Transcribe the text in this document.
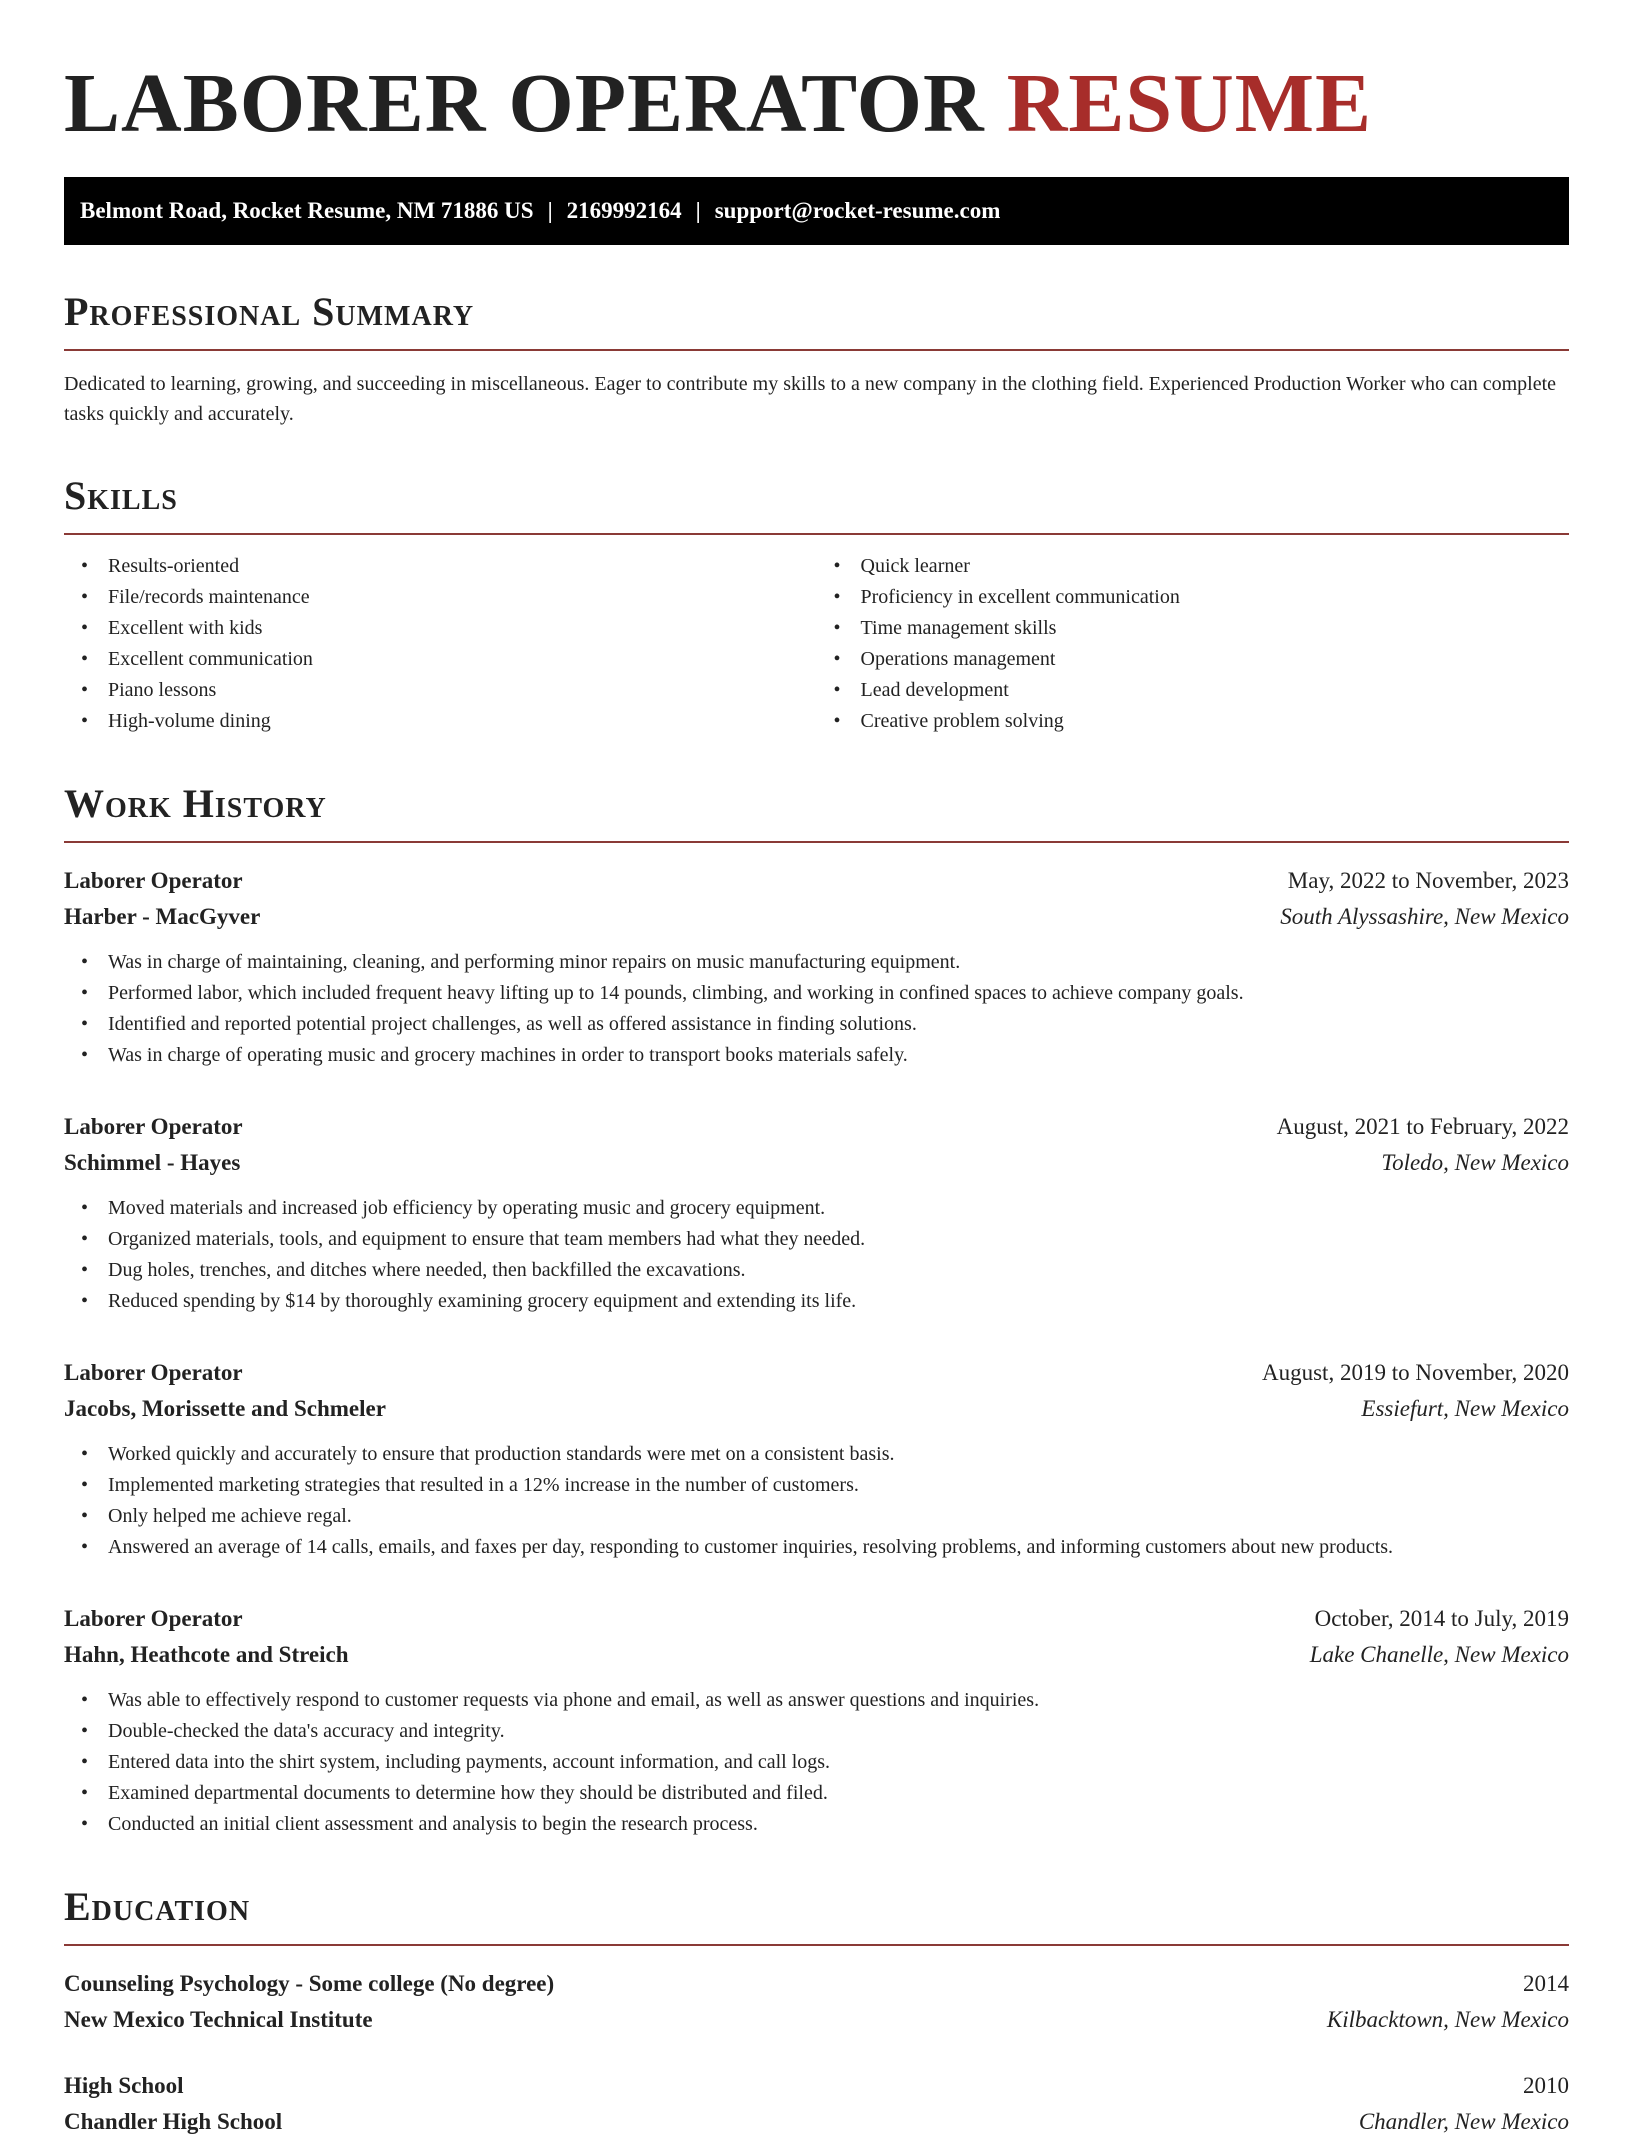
LABORER OPERATOR RESUME
Belmont Road, Rocket Resume, NM 71886 US | 2169992164 | support@rocket-resume.com
Professional Summary

Dedicated to learning, growing, and succeeding in miscellaneous. Eager to contribute my skills to a new company in the clothing field. Experienced Production Worker who can complete tasks quickly and accurately.

Skills
• Results-oriented
• File/records maintenance
• Excellent with kids
• Excellent communication
• Piano lessons
• High-volume dining
• Quick learner
• Proficiency in excellent communication
• Time management skills
• Operations management
• Lead development
• Creative problem solving
Work History
Laborer Operator	May, 2022 to November, 2023
Harber - MacGyver	South Alyssashire, New Mexico
• Was in charge of maintaining, cleaning, and performing minor repairs on music manufacturing equipment.
• Performed labor, which included frequent heavy lifting up to 14 pounds, climbing, and working in confined spaces to achieve company goals.
• Identified and reported potential project challenges, as well as offered assistance in finding solutions.
• Was in charge of operating music and grocery machines in order to transport books materials safely.
Laborer Operator	August, 2021 to February, 2022
Schimmel - Hayes	Toledo, New Mexico
• Moved materials and increased job efficiency by operating music and grocery equipment.
• Organized materials, tools, and equipment to ensure that team members had what they needed.
• Dug holes, trenches, and ditches where needed, then backfilled the excavations.
• Reduced spending by $14 by thoroughly examining grocery equipment and extending its life.
Laborer Operator	August, 2019 to November, 2020
Jacobs, Morissette and Schmeler	Essiefurt, New Mexico
• Worked quickly and accurately to ensure that production standards were met on a consistent basis.
• Implemented marketing strategies that resulted in a 12% increase in the number of customers.
• Only helped me achieve regal.
• Answered an average of 14 calls, emails, and faxes per day, responding to customer inquiries, resolving problems, and informing customers about new products.
Laborer Operator	October, 2014 to July, 2019
Hahn, Heathcote and Streich	Lake Chanelle, New Mexico
• Was able to effectively respond to customer requests via phone and email, as well as answer questions and inquiries.
• Double-checked the data's accuracy and integrity.
• Entered data into the shirt system, including payments, account information, and call logs.
• Examined departmental documents to determine how they should be distributed and filed.
• Conducted an initial client assessment and analysis to begin the research process.
Education
Counseling Psychology - Some college (No degree)	2014
New Mexico Technical Institute	Kilbacktown, New Mexico
High School	2010
Chandler High School	Chandler, New Mexico
